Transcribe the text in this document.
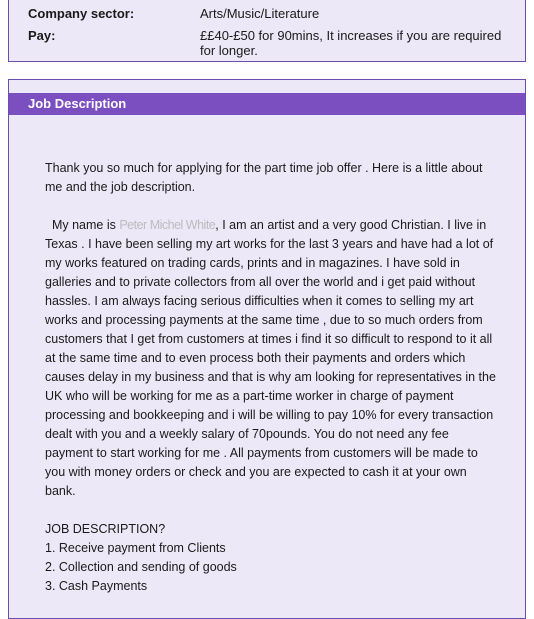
Company sector:	Arts/Music/Literature
Pay:	££40-£50 for 90mins, It increases if you are required for longer.
Job Description

Thank you so much for applying for the part time job offer . Here is a little about me and the job description.

My name is Peter Michel White, I am an artist and a very good Christian. I live in Texas . I have been selling my art works for the last 3 years and have had a lot of my works featured on trading cards, prints and in magazines. I have sold in galleries and to private collectors from all over the world and i get paid without hassles. I am always facing serious difficulties when it comes to selling my art works and processing payments at the same time , due to so much orders from customers that I get from customers at times i find it so difficult to respond to it all at the same time and to even process both their payments and orders which causes delay in my business and that is why am looking for representatives in the UK who will be working for me as a part-time worker in charge of payment processing and bookkeeping and i will be willing to pay 10% for every transaction dealt with you and a weekly salary of 70pounds. You do not need any fee payment to start working for me . All payments from customers will be made to you with money orders or check and you are expected to cash it at your own bank.

JOB DESCRIPTION?

1. Receive payment from Clients

2. Collection and sending of goods

3. Cash Payments
